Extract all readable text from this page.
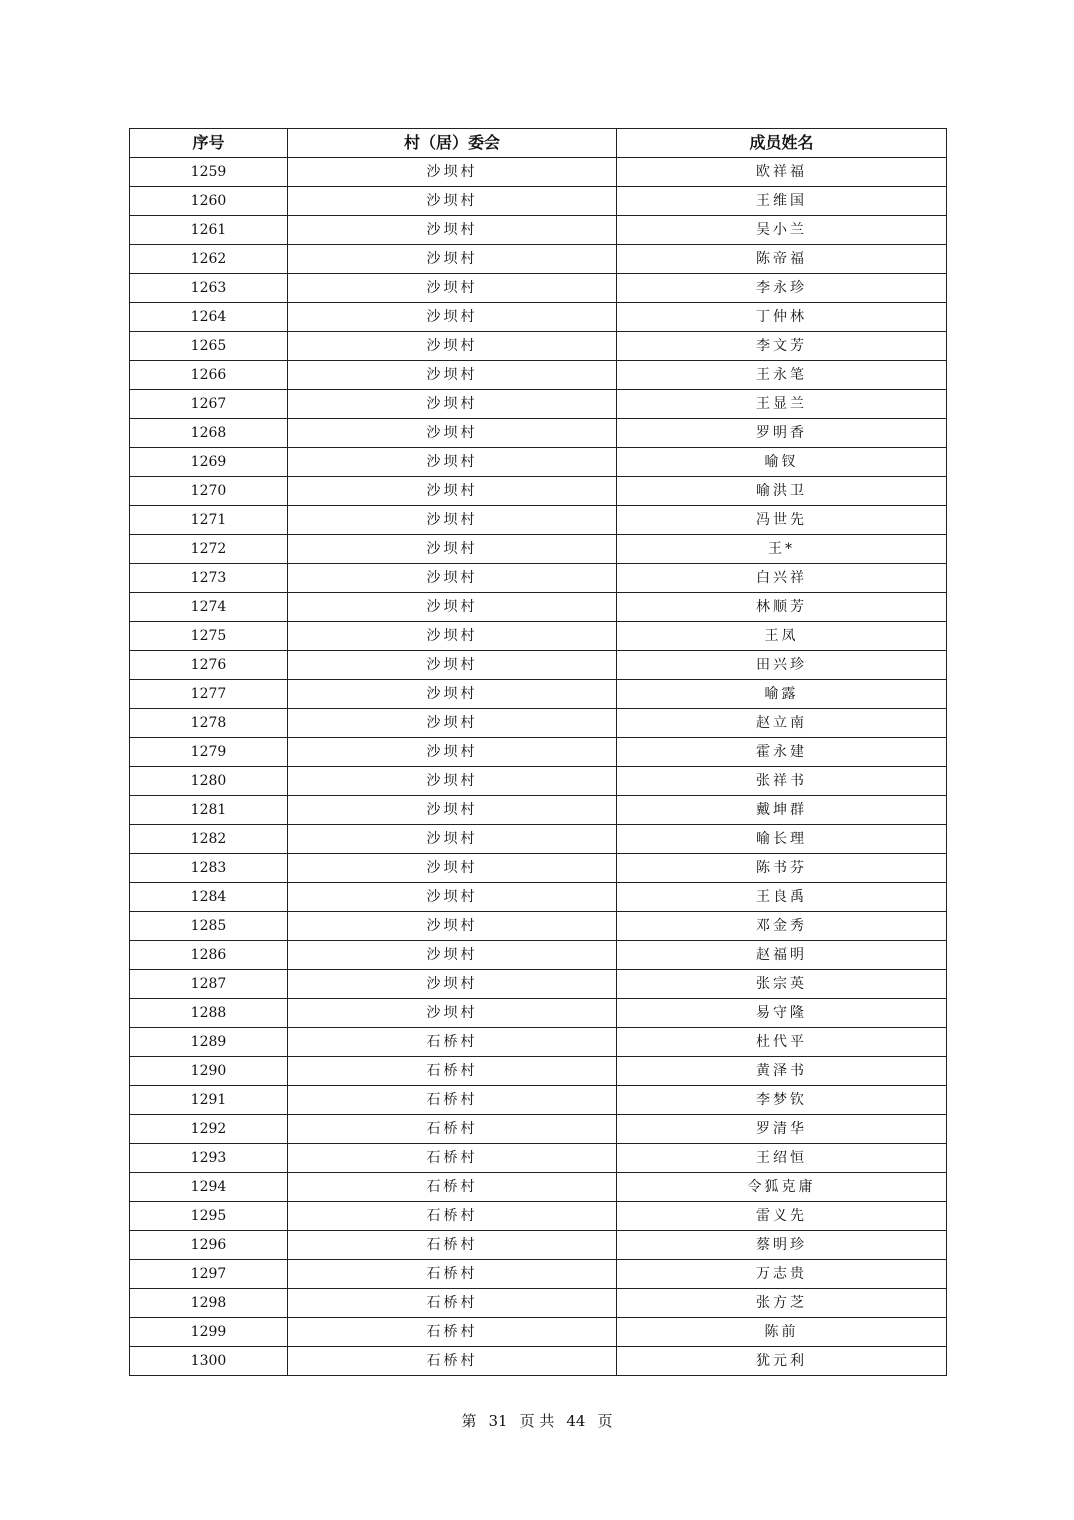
序号	村（居）委会	成员姓名
1259	沙坝村	欧祥福
1260	沙坝村	王维国
1261	沙坝村	吴小兰
1262	沙坝村	陈帝福
1263	沙坝村	李永珍
1264	沙坝村	丁仲林
1265	沙坝村	李文芳
1266	沙坝村	王永笔
1267	沙坝村	王显兰
1268	沙坝村	罗明香
1269	沙坝村	喻钗
1270	沙坝村	喻洪卫
1271	沙坝村	冯世先
1272	沙坝村	王*
1273	沙坝村	白兴祥
1274	沙坝村	林顺芳
1275	沙坝村	王凤
1276	沙坝村	田兴珍
1277	沙坝村	喻露
1278	沙坝村	赵立南
1279	沙坝村	霍永建
1280	沙坝村	张祥书
1281	沙坝村	戴坤群
1282	沙坝村	喻长理
1283	沙坝村	陈书芬
1284	沙坝村	王良禹
1285	沙坝村	邓金秀
1286	沙坝村	赵福明
1287	沙坝村	张宗英
1288	沙坝村	易守隆
1289	石桥村	杜代平
1290	石桥村	黄泽书
1291	石桥村	李梦钦
1292	石桥村	罗清华
1293	石桥村	王绍恒
1294	石桥村	令狐克庸
1295	石桥村	雷义先
1296	石桥村	蔡明珍
1297	石桥村	万志贵
1298	石桥村	张方芝
1299	石桥村	陈前
1300	石桥村	犹元利
第 31 页 共 44 页
